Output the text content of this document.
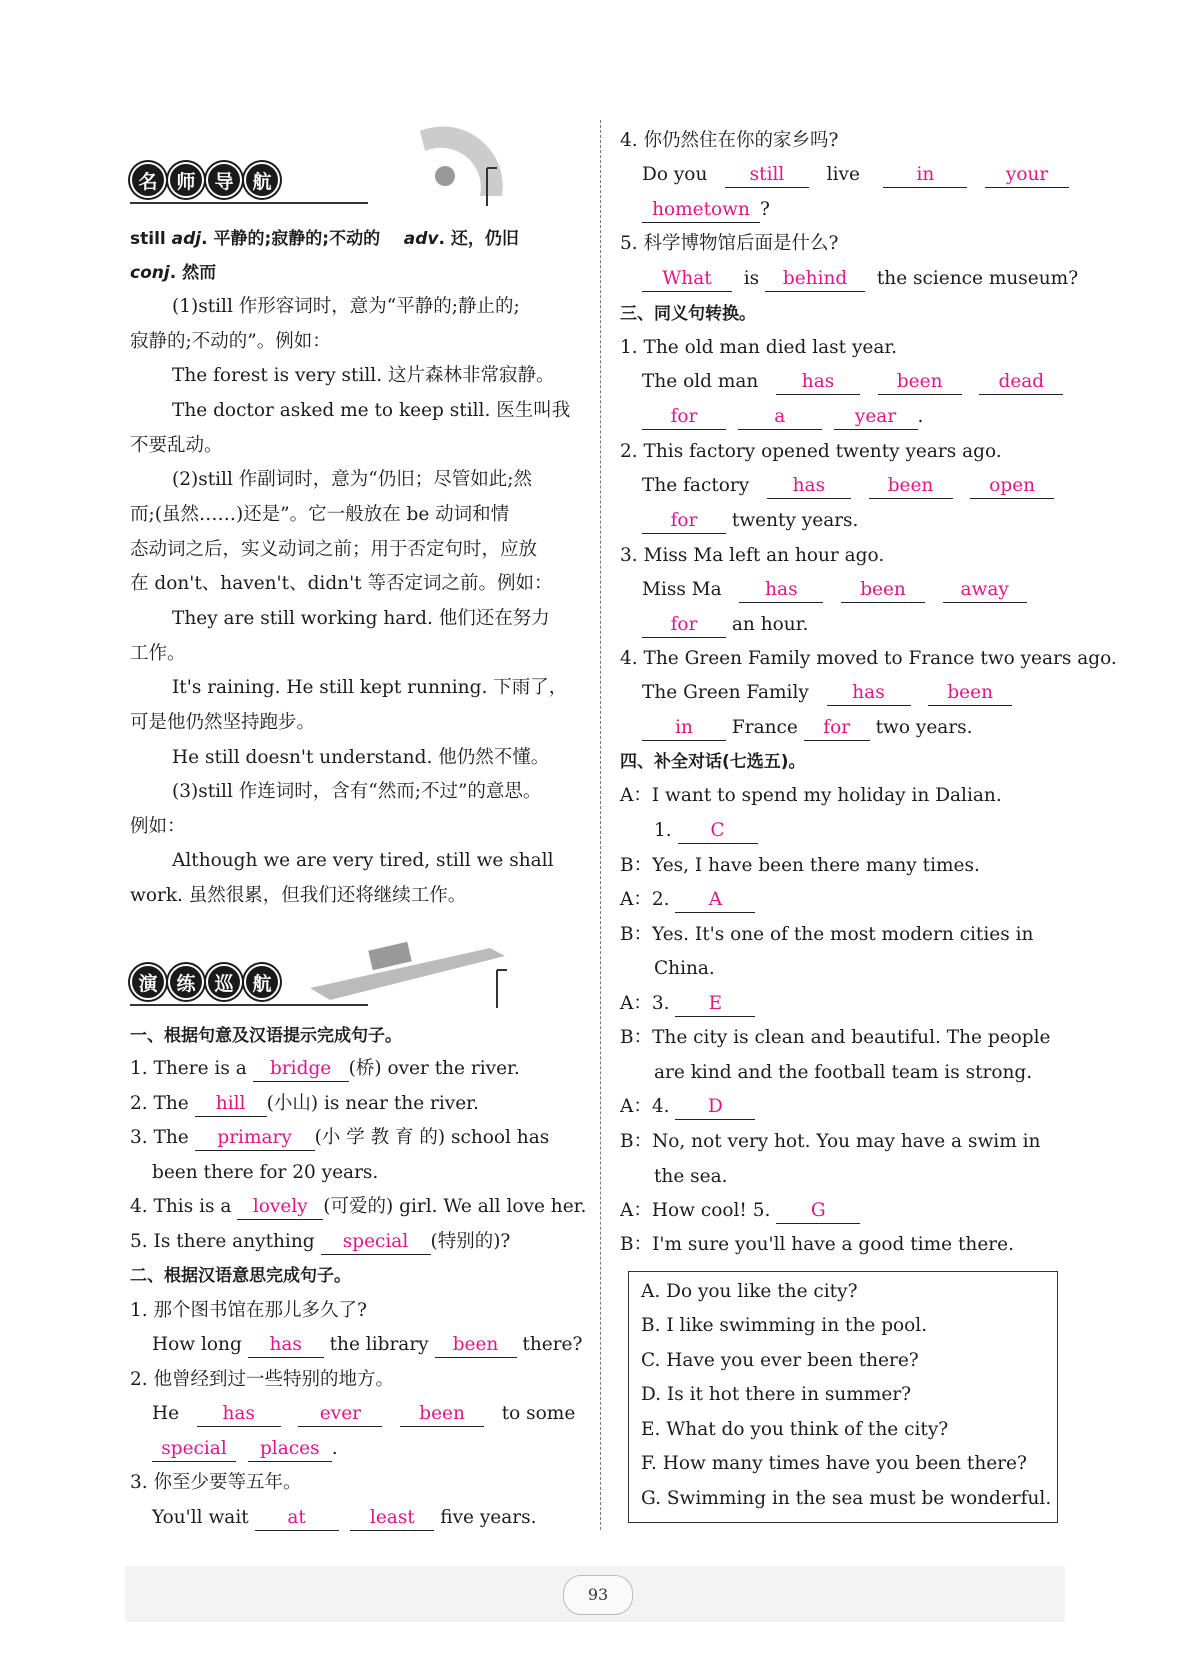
名 师 导 航
演 练 巡 航
still adj. 平静的;寂静的;不动的 adv. 还，仍旧
conj. 然而
(1)still 作形容词时，意为“平静的;静止的;
寂静的;不动的”。例如：
The forest is very still. 这片森林非常寂静。
The doctor asked me to keep still. 医生叫我
不要乱动。
(2)still 作副词时，意为“仍旧；尽管如此;然
而;(虽然……)还是”。它一般放在 be 动词和情
态动词之后，实义动词之前；用于否定句时，应放
在 don't、haven't、didn't 等否定词之前。例如：
They are still working hard. 他们还在努力
工作。
It's raining. He still kept running. 下雨了，
可是他仍然坚持跑步。
He still doesn't understand. 他仍然不懂。
(3)still 作连词时，含有“然而;不过”的意思。
例如：
Although we are very tired, still we shall
work. 虽然很累，但我们还将继续工作。
一、根据句意及汉语提示完成句子。
1. There is a bridge (桥) over the river.
2. The hill (小山) is near the river.
3. The primary (小 学 教 育 的) school has
been there for 20 years.
4. This is a lovely (可爱的) girl. We all love her.
5. Is there anything special (特别的)?
二、根据汉语意思完成句子。
1. 那个图书馆在那儿多久了?
How long has the library been there?
2. 他曾经到过一些特别的地方。
He has	ever	been to some
special places .
3. 你至少要等五年。
You'll wait at	least five years.
4. 你仍然住在你的家乡吗?
Do you still live	in	your
hometown ?
5. 科学博物馆后面是什么?
What is behind the science museum?
三、同义句转换。
1. The old man died last year.
The old man has	been	dead
for	a	year .
2. This factory opened twenty years ago.
The factory has	been	open
for twenty years.
3. Miss Ma left an hour ago.
Miss Ma has	been	away
for an hour.
4. The Green Family moved to France two years ago.
The Green Family has	been
in France for two years.
四、补全对话(七选五)。
A：I want to spend my holiday in Dalian.
1. C
B：Yes, I have been there many times.
A：2. A
B：Yes. It's one of the most modern cities in
China.
A：3. E
B：The city is clean and beautiful. The people
are kind and the football team is strong.
A：4. D
B：No, not very hot. You may have a swim in
the sea.
A：How cool! 5. G
B：I'm sure you'll have a good time there.
A. Do you like the city?
B. I like swimming in the pool.
C. Have you ever been there?
D. Is it hot there in summer?
E. What do you think of the city?
F. How many times have you been there?
G. Swimming in the sea must be wonderful.
93
